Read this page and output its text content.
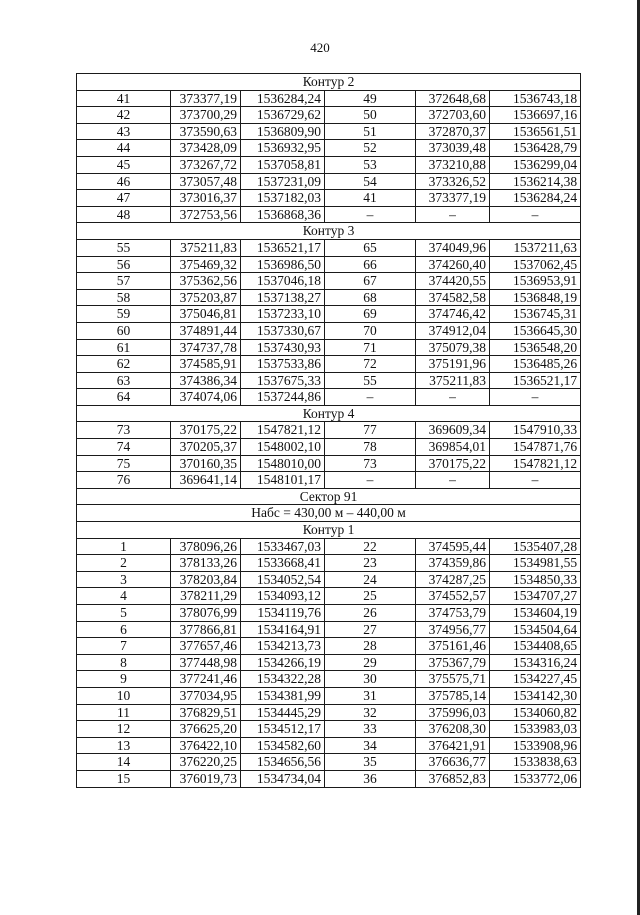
420
Контур 2					
41	373377,19	1536284,24	49	372648,68	1536743,18
42	373700,29	1536729,62	50	372703,60	1536697,16
43	373590,63	1536809,90	51	372870,37	1536561,51
44	373428,09	1536932,95	52	373039,48	1536428,79
45	373267,72	1537058,81	53	373210,88	1536299,04
46	373057,48	1537231,09	54	373326,52	1536214,38
47	373016,37	1537182,03	41	373377,19	1536284,24
48	372753,56	1536868,36	–	–	–
Контур 3					
55	375211,83	1536521,17	65	374049,96	1537211,63
56	375469,32	1536986,50	66	374260,40	1537062,45
57	375362,56	1537046,18	67	374420,55	1536953,91
58	375203,87	1537138,27	68	374582,58	1536848,19
59	375046,81	1537233,10	69	374746,42	1536745,31
60	374891,44	1537330,67	70	374912,04	1536645,30
61	374737,78	1537430,93	71	375079,38	1536548,20
62	374585,91	1537533,86	72	375191,96	1536485,26
63	374386,34	1537675,33	55	375211,83	1536521,17
64	374074,06	1537244,86	–	–	–
Контур 4					
73	370175,22	1547821,12	77	369609,34	1547910,33
74	370205,37	1548002,10	78	369854,01	1547871,76
75	370160,35	1548010,00	73	370175,22	1547821,12
76	369641,14	1548101,17	–	–	–
Сектор 91					
Набс = 430,00 м – 440,00 м					
Контур 1					
1	378096,26	1533467,03	22	374595,44	1535407,28
2	378133,26	1533668,41	23	374359,86	1534981,55
3	378203,84	1534052,54	24	374287,25	1534850,33
4	378211,29	1534093,12	25	374552,57	1534707,27
5	378076,99	1534119,76	26	374753,79	1534604,19
6	377866,81	1534164,91	27	374956,77	1534504,64
7	377657,46	1534213,73	28	375161,46	1534408,65
8	377448,98	1534266,19	29	375367,79	1534316,24
9	377241,46	1534322,28	30	375575,71	1534227,45
10	377034,95	1534381,99	31	375785,14	1534142,30
11	376829,51	1534445,29	32	375996,03	1534060,82
12	376625,20	1534512,17	33	376208,30	1533983,03
13	376422,10	1534582,60	34	376421,91	1533908,96
14	376220,25	1534656,56	35	376636,77	1533838,63
15	376019,73	1534734,04	36	376852,83	1533772,06
